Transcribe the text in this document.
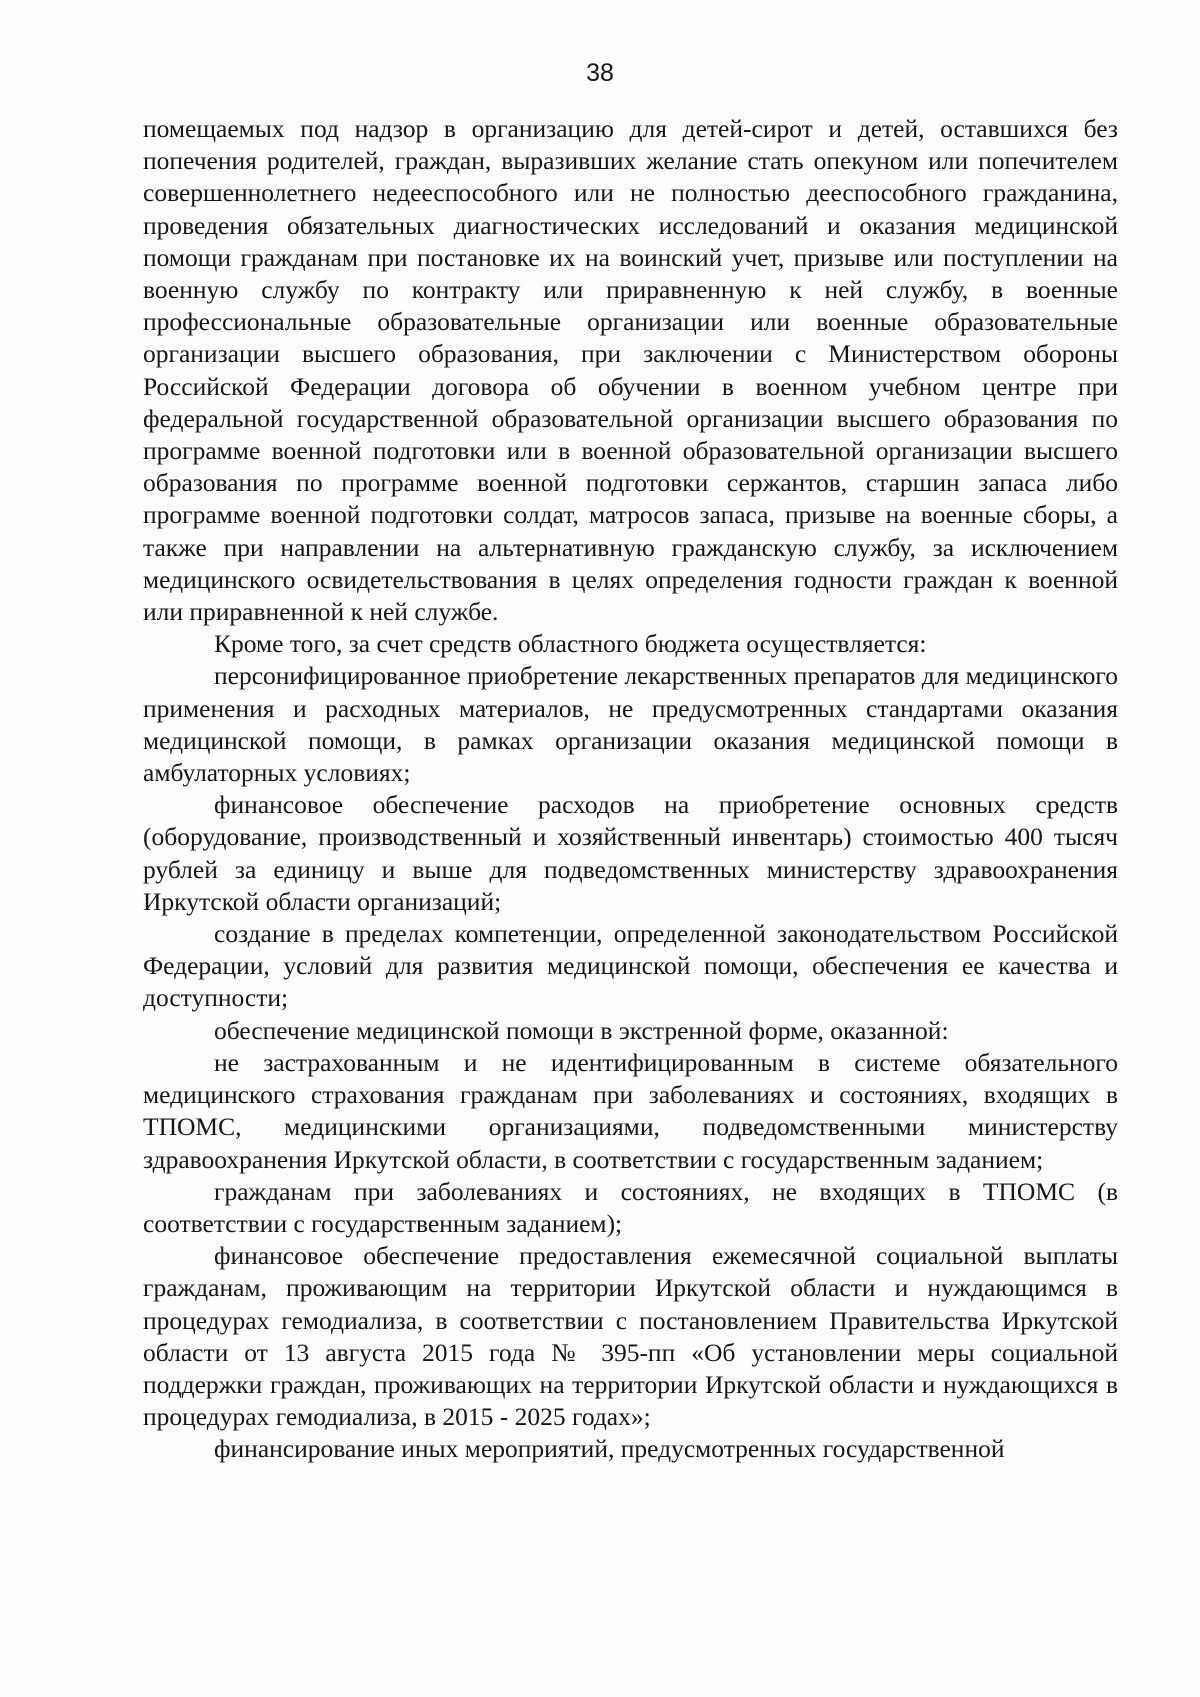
38

помещаемых под надзор в организацию для детей-сирот и детей, оставшихся без попечения родителей, граждан, выразивших желание стать опекуном или попечителем совершеннолетнего недееспособного или не полностью дееспособного гражданина, проведения обязательных диагностических исследований и оказания медицинской помощи гражданам при постановке их на воинский учет, призыве или поступлении на военную службу по контракту или приравненную к ней службу, в военные профессиональные образовательные организации или военные образовательные организации высшего образования, при заключении с Министерством обороны Российской Федерации договора об обучении в военном учебном центре при федеральной государственной образовательной организации высшего образования по программе военной подготовки или в военной образовательной организации высшего образования по программе военной подготовки сержантов, старшин запаса либо программе военной подготовки солдат, матросов запаса, призыве на военные сборы, а также при направлении на альтернативную гражданскую службу, за исключением медицинского освидетельствования в целях определения годности граждан к военной или приравненной к ней службе.

Кроме того, за счет средств областного бюджета осуществляется:

персонифицированное приобретение лекарственных препаратов для медицинского применения и расходных материалов, не предусмотренных стандартами оказания медицинской помощи, в рамках организации оказания медицинской помощи в амбулаторных условиях;

финансовое обеспечение расходов на приобретение основных средств (оборудование, производственный и хозяйственный инвентарь) стоимостью 400 тысяч рублей за единицу и выше для подведомственных министерству здравоохранения Иркутской области организаций;

создание в пределах компетенции, определенной законодательством Российской Федерации, условий для развития медицинской помощи, обеспечения ее качества и доступности;

обеспечение медицинской помощи в экстренной форме, оказанной:

не застрахованным и не идентифицированным в системе обязательного медицинского страхования гражданам при заболеваниях и состояниях, входящих в ТПОМС, медицинскими организациями, подведомственными министерству здравоохранения Иркутской области, в соответствии с государственным заданием;

гражданам при заболеваниях и состояниях, не входящих в ТПОМС (в соответствии с государственным заданием);

финансовое обеспечение предоставления ежемесячной социальной выплаты гражданам, проживающим на территории Иркутской области и нуждающимся в процедурах гемодиализа, в соответствии с постановлением Правительства Иркутской области от 13 августа 2015 года № 395-пп «Об установлении меры социальной поддержки граждан, проживающих на территории Иркутской области и нуждающихся в процедурах гемодиализа, в 2015 - 2025 годах»;

финансирование иных мероприятий, предусмотренных государственной
